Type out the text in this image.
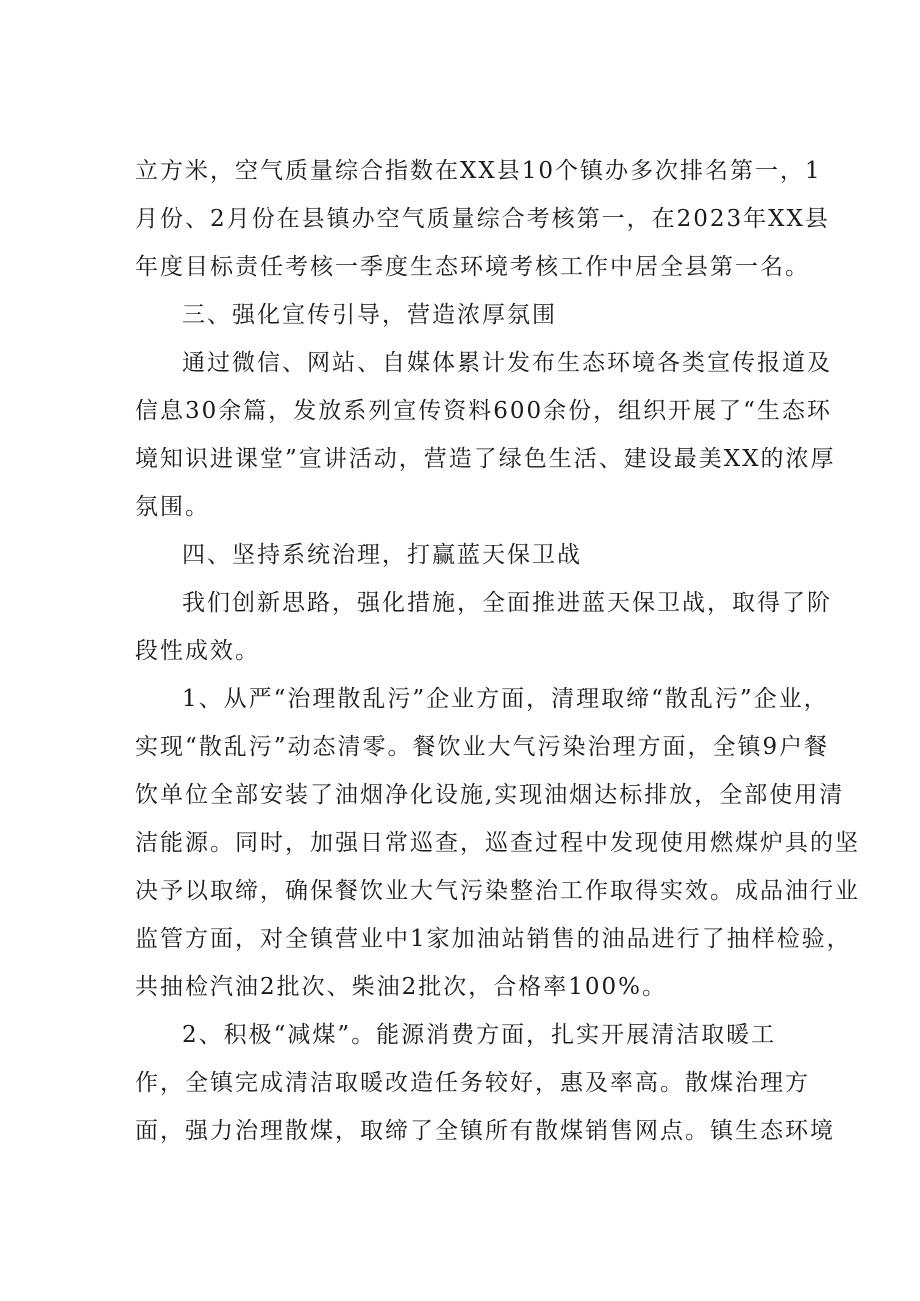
立方米，空气质量综合指数在XX县10个镇办多次排名第一，1
月份、2月份在县镇办空气质量综合考核第一，在2023年XX县
年度目标责任考核一季度生态环境考核工作中居全县第一名。
三、强化宣传引导，营造浓厚氛围
通过微信、网站、自媒体累计发布生态环境各类宣传报道及
信息30余篇，发放系列宣传资料600余份，组织开展了“生态环
境知识进课堂”宣讲活动，营造了绿色生活、建设最美XX的浓厚
氛围。
四、坚持系统治理，打赢蓝天保卫战
我们创新思路，强化措施，全面推进蓝天保卫战，取得了阶
段性成效。
1、从严“治理散乱污”企业方面，清理取缔“散乱污”企业，
实现“散乱污”动态清零。餐饮业大气污染治理方面，全镇9户餐
饮单位全部安装了油烟净化设施,实现油烟达标排放，全部使用清
洁能源。同时，加强日常巡查，巡查过程中发现使用燃煤炉具的坚
决予以取缔，确保餐饮业大气污染整治工作取得实效。成品油行业
监管方面，对全镇营业中1家加油站销售的油品进行了抽样检验，
共抽检汽油2批次、柴油2批次，合格率100%。
2、积极“减煤”。能源消费方面，扎实开展清洁取暖工
作，全镇完成清洁取暖改造任务较好，惠及率高。散煤治理方
面，强力治理散煤，取缔了全镇所有散煤销售网点。镇生态环境
